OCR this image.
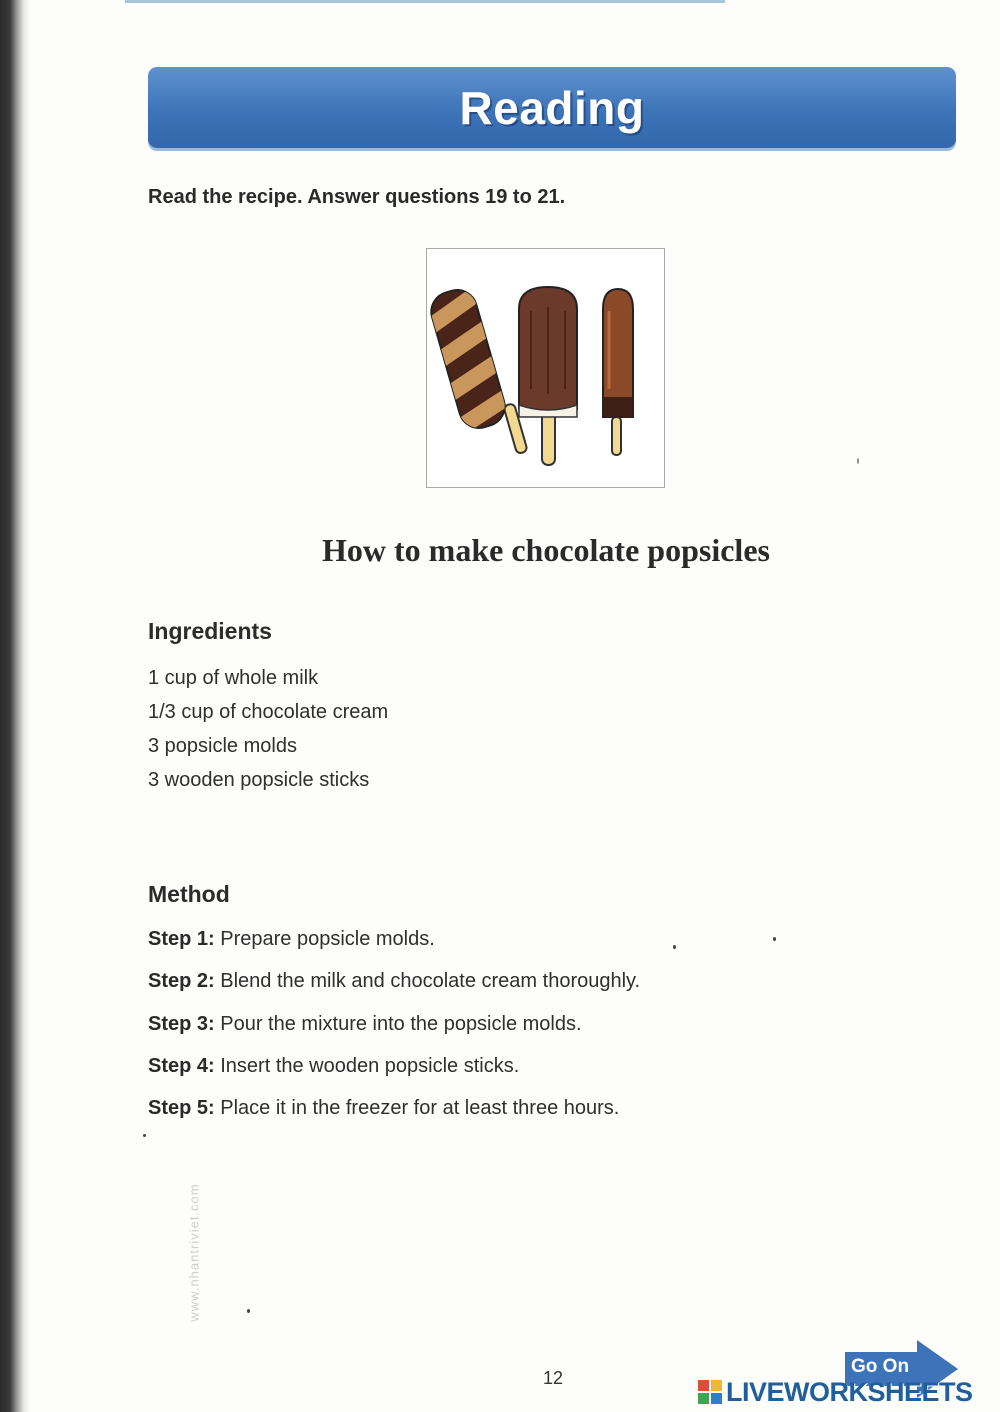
Reading
Read the recipe. Answer questions 19 to 21.
How to make chocolate popsicles
Ingredients
1 cup of whole milk
1/3 cup of chocolate cream
3 popsicle molds
3 wooden popsicle sticks
Method
Step 1: Prepare popsicle molds.
Step 2: Blend the milk and chocolate cream thoroughly.
Step 3: Pour the mixture into the popsicle molds.
Step 4: Insert the wooden popsicle sticks.
Step 5: Place it in the freezer for at least three hours.
www.nhantriviet.com
12
Go On
LIVEWORKSHEETS
